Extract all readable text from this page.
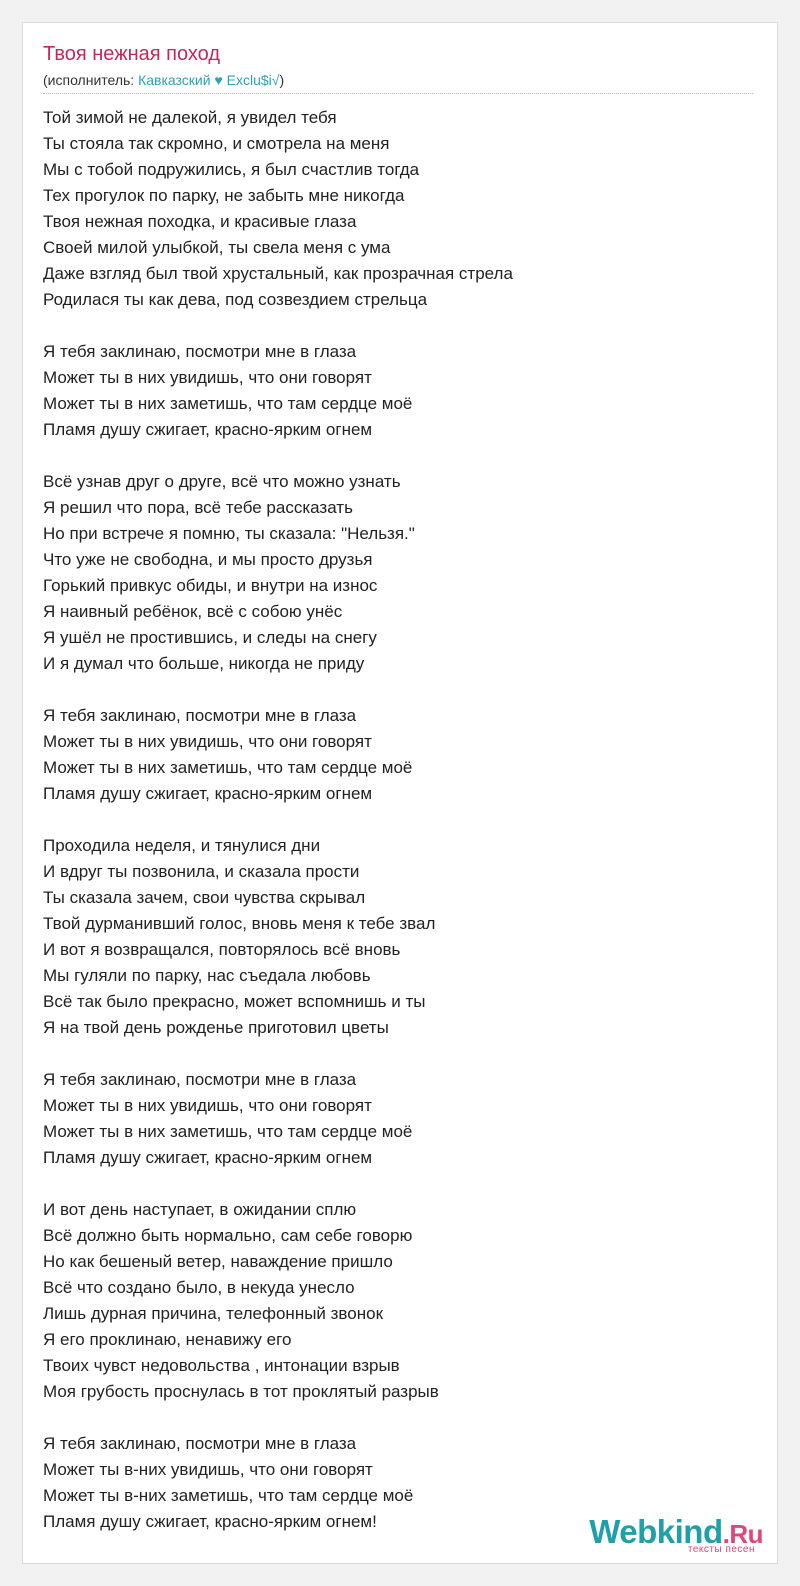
Твоя нежная поход
(исполнитель: Кавказский ♥ Exclu$i√)
Той зимой не далекой, я увидел тебя
Ты стояла так скромно, и смотрела на меня
Мы с тобой подружились, я был счастлив тогда
Тех прогулок по парку, не забыть мне никогда
Твоя нежная походка, и красивые глаза
Своей милой улыбкой, ты свела меня с ума
Даже взгляд был твой хрустальный, как прозрачная стрела
Родилася ты как дева, под созвездием стрельца
Я тебя заклинаю, посмотри мне в глаза
Может ты в них увидишь, что они говорят
Может ты в них заметишь, что там сердце моё
Пламя душу сжигает, красно-ярким огнем
Всё узнав друг о друге, всё что можно узнать
Я решил что пора, всё тебе рассказать
Но при встрече я помню, ты сказала: "Нельзя."
Что уже не свободна, и мы просто друзья
Горький привкус обиды, и внутри на износ
Я наивный ребёнок, всё с собою унёс
Я ушёл не простившись, и следы на снегу
И я думал что больше, никогда не приду
Я тебя заклинаю, посмотри мне в глаза
Может ты в них увидишь, что они говорят
Может ты в них заметишь, что там сердце моё
Пламя душу сжигает, красно-ярким огнем
Проходила неделя, и тянулися дни
И вдруг ты позвонила, и сказала прости
Ты сказала зачем, свои чувства скрывал
Твой дурманивший голос, вновь меня к тебе звал
И вот я возвращался, повторялось всё вновь
Мы гуляли по парку, нас съедала любовь
Всё так было прекрасно, может вспомнишь и ты
Я на твой день рожденье приготовил цветы
Я тебя заклинаю, посмотри мне в глаза
Может ты в них увидишь, что они говорят
Может ты в них заметишь, что там сердце моё
Пламя душу сжигает, красно-ярким огнем
И вот день наступает, в ожидании сплю
Всё должно быть нормально, сам себе говорю
Но как бешеный ветер, наваждение пришло
Всё что создано было, в некуда унесло
Лишь дурная причина, телефонный звонок
Я его проклинаю, ненавижу его
Твоих чувст недовольства , интонации взрыв
Моя грубость проснулась в тот проклятый разрыв
Я тебя заклинаю, посмотри мне в глаза
Может ты в-них увидишь, что они говорят
Может ты в-них заметишь, что там сердце моё
Пламя душу сжигает, красно-ярким огнем!	Webkind.Ru
тексты песен
